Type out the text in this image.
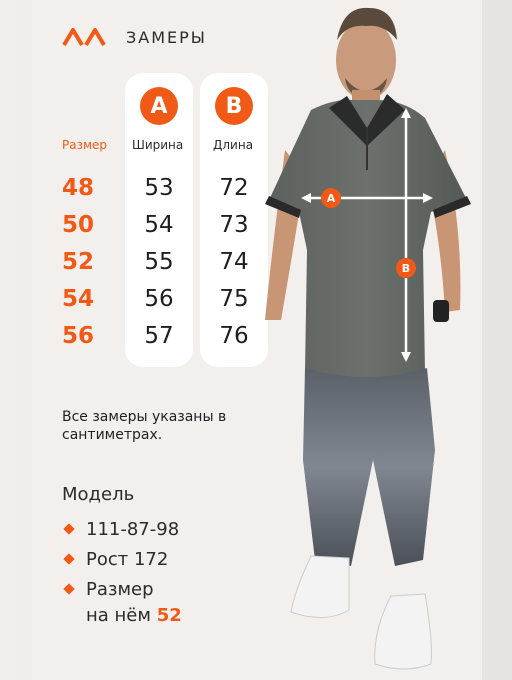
ЗАМЕРЫ
A	B
Размер Ширина Длина
48
50
52
54
56
53
54
55
56
57
72
73
74
75
76
Все замеры указаны в сантиметрах.
Модель
111-87-98
Рост 172
Размер
на нём 52
A
B
